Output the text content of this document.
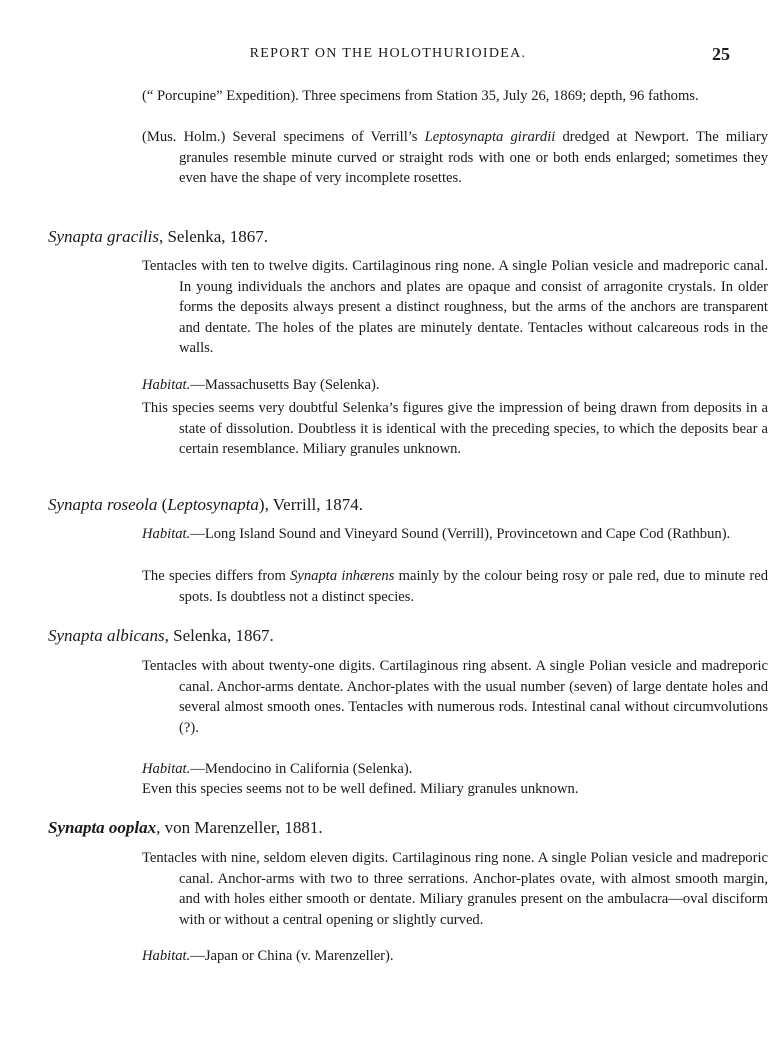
REPORT ON THE HOLOTHURIOIDEA.	25
(“ Porcupine” Expedition). Three specimens from Station 35, July 26, 1869; depth, 96 fathoms.
(Mus. Holm.) Several specimens of Verrill’s Leptosynapta girardii dredged at Newport. The miliary granules resemble minute curved or straight rods with one or both ends enlarged; sometimes they even have the shape of very incomplete rosettes.
Synapta gracilis, Selenka, 1867.
Tentacles with ten to twelve digits. Cartilaginous ring none. A single Polian vesicle and madreporic canal. In young individuals the anchors and plates are opaque and consist of arragonite crystals. In older forms the deposits always present a distinct roughness, but the arms of the anchors are transparent and dentate. The holes of the plates are minutely dentate. Tentacles without calcareous rods in the walls.
Habitat.—Massachusetts Bay (Selenka).
This species seems very doubtful Selenka’s figures give the impression of being drawn from deposits in a state of dissolution. Doubtless it is identical with the preceding species, to which the deposits bear a certain resemblance. Miliary granules unknown.
Synapta roseola (Leptosynapta), Verrill, 1874.
Habitat.—Long Island Sound and Vineyard Sound (Verrill), Provincetown and Cape Cod (Rathbun).
The species differs from Synapta inhærens mainly by the colour being rosy or pale red, due to minute red spots. Is doubtless not a distinct species.
Synapta albicans, Selenka, 1867.
Tentacles with about twenty-one digits. Cartilaginous ring absent. A single Polian vesicle and madreporic canal. Anchor-arms dentate. Anchor-plates with the usual number (seven) of large dentate holes and several almost smooth ones. Tentacles with numerous rods. Intestinal canal without circumvolutions (?).
Habitat.—Mendocino in California (Selenka).
Even this species seems not to be well defined. Miliary granules unknown.
Synapta ooplax, von Marenzeller, 1881.
Tentacles with nine, seldom eleven digits. Cartilaginous ring none. A single Polian vesicle and madreporic canal. Anchor-arms with two to three serrations. Anchor-plates ovate, with almost smooth margin, and with holes either smooth or dentate. Miliary granules present on the ambulacra—oval disciform with or without a central opening or slightly curved.
Habitat.—Japan or China (v. Marenzeller).
